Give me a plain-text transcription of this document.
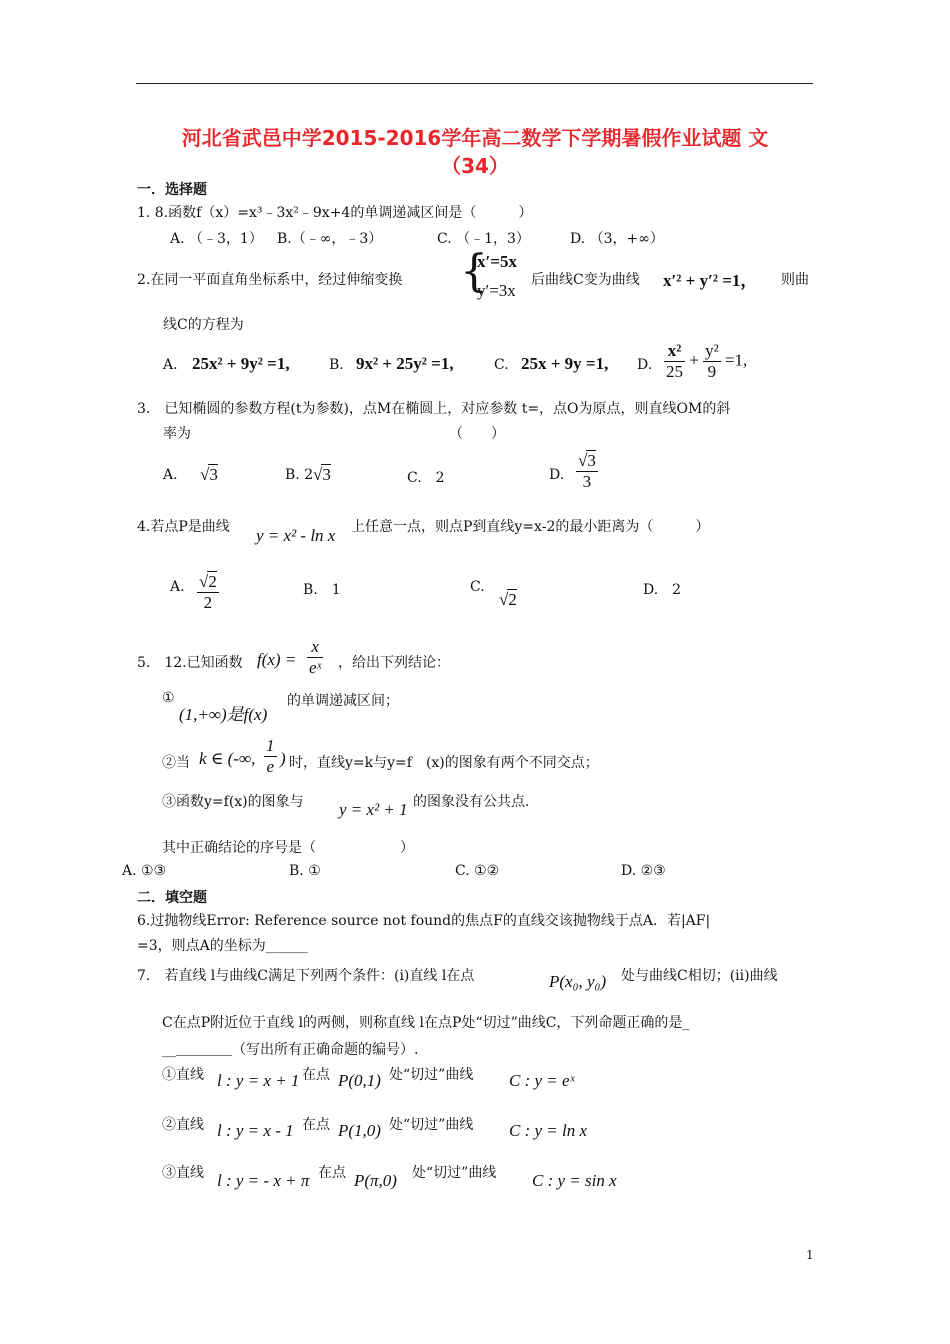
河北省武邑中学2015-2016学年高二数学下学期暑假作业试题 文
（34）
一．选择题
1. 8.函数f（x）=x³﹣3x²﹣9x+4的单调递减区间是（　　　）
A. （﹣3，1） B.（﹣∞，﹣3）	C. （﹣1，3）	D. （3，+∞）
2.在同一平面直角坐标系中，经过伸缩变换 {
x′=5x
y′=3x
后曲线C变为曲线 x′² + y′² =1， 则曲
线C的方程为
A. 25x² + 9y² =1,	B. 9x² + 25y² =1,	C. 25x + 9y =1, D. $\frac{\text{x²}}{25} + \frac{\text{y²}}{9} =1$,
3.　已知椭圆的参数方程(t为参数)，点M在椭圆上，对应参数 t=，点O为原点，则直线OM的斜
率为	（　　）
A. √3	B. 2 √3	C.　2	D. $\frac{√3}{3}$
4.若点P是曲线 y = x² - ln x 上任意一点，则点P到直线y=x-2的最小距离为（　　　）
A. $\frac{√2}{2}$	B.　1	C.
√2	D.　2
5.　12.已知函数 $f(x) = \frac{x}{\text{eˣ}}$ ，给出下列结论：
①
(1,+∞)是f(x)
的单调递减区间；
②当 k ∈ (-∞, $\frac{1}{e}$ ) 时，直线y=k与y=f　(x)的图象有两个不同交点；
③函数y=f(x)的图象与 y = x² + 1 的图象没有公共点.
其中正确结论的序号是（　　　　　　）
A. ①③	B. ①	C. ①②	D. ②③
二．填空题
6.过抛物线Error: Reference source not found的焦点F的直线交该抛物线于点A．若|AF|
=3，则点A的坐标为______
7.　若直线 l与曲线C满足下列两个条件：(i)直线 l在点	P(x₀, y₀) 处与曲线C相切；(ii)曲线
C在点P附近位于直线 l的两侧，则称直线 l在点P处“切过”曲线C，下列命题正确的是_
__＿＿＿＿（写出所有正确命题的编号）.
①直线 l : y = x + 1 在点 P(0,1) 处“切过”曲线 C : y = eˣ
②直线 l : y = x - 1 在点 P(1,0) 处“切过”曲线 C : y = ln x
③直线 l : y = - x + π 在点 P(π,0) 处“切过”曲线 C : y = sin x
1
